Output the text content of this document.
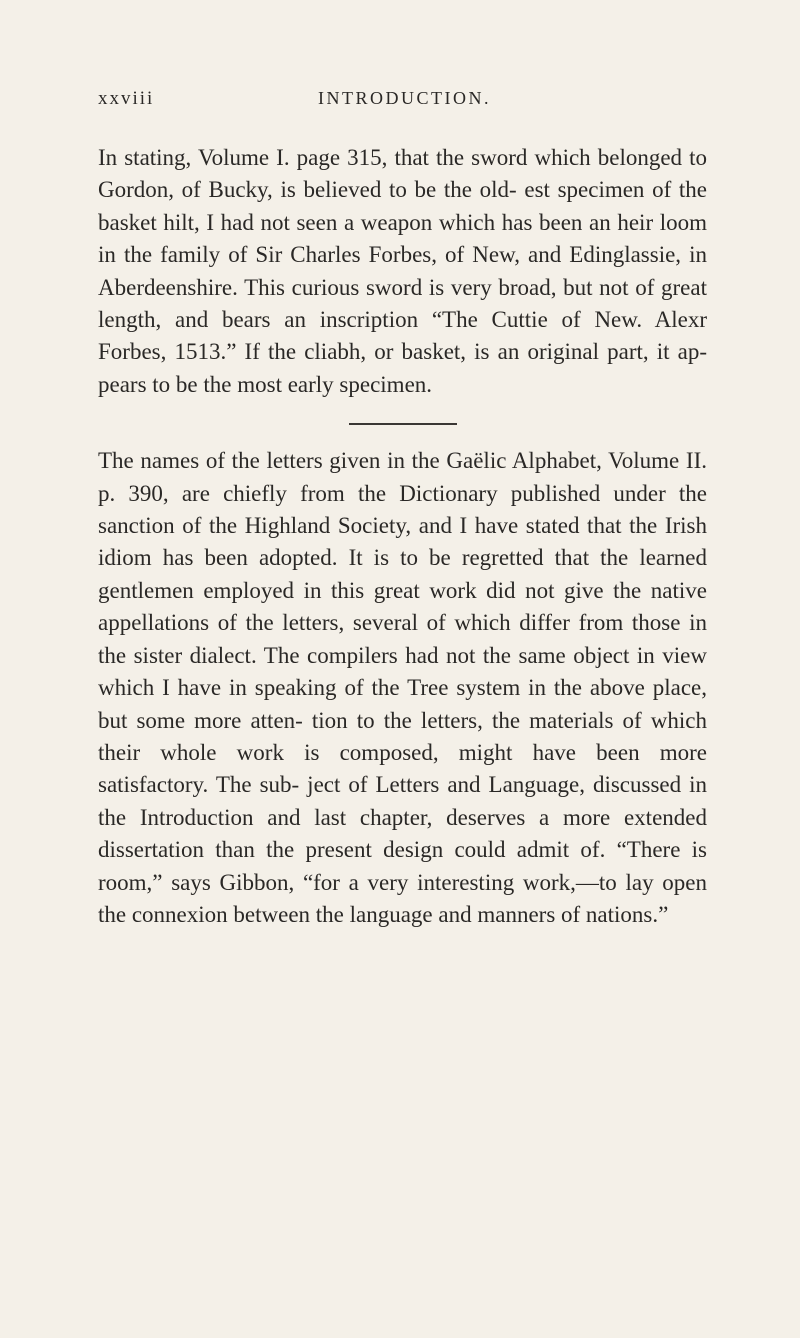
xxviii	INTRODUCTION.

In stating, Volume I. page 315, that the sword which belonged to Gordon, of Bucky, is believed to be the old- est specimen of the basket hilt, I had not seen a weapon which has been an heir loom in the family of Sir Charles Forbes, of New, and Edinglassie, in Aberdeenshire. This curious sword is very broad, but not of great length, and bears an inscription “The Cuttie of New. Alexr Forbes, 1513.” If the cliabh, or basket, is an original part, it ap- pears to be the most early specimen.

The names of the letters given in the Gaëlic Alphabet, Volume II. p. 390, are chiefly from the Dictionary published under the sanction of the Highland Society, and I have stated that the Irish idiom has been adopted. It is to be regretted that the learned gentlemen employed in this great work did not give the native appellations of the letters, several of which differ from those in the sister dialect. The compilers had not the same object in view which I have in speaking of the Tree system in the above place, but some more atten- tion to the letters, the materials of which their whole work is composed, might have been more satisfactory. The sub- ject of Letters and Language, discussed in the Introduction and last chapter, deserves a more extended dissertation than the present design could admit of. “There is room,” says Gibbon, “for a very interesting work,—to lay open the connexion between the language and manners of nations.”
